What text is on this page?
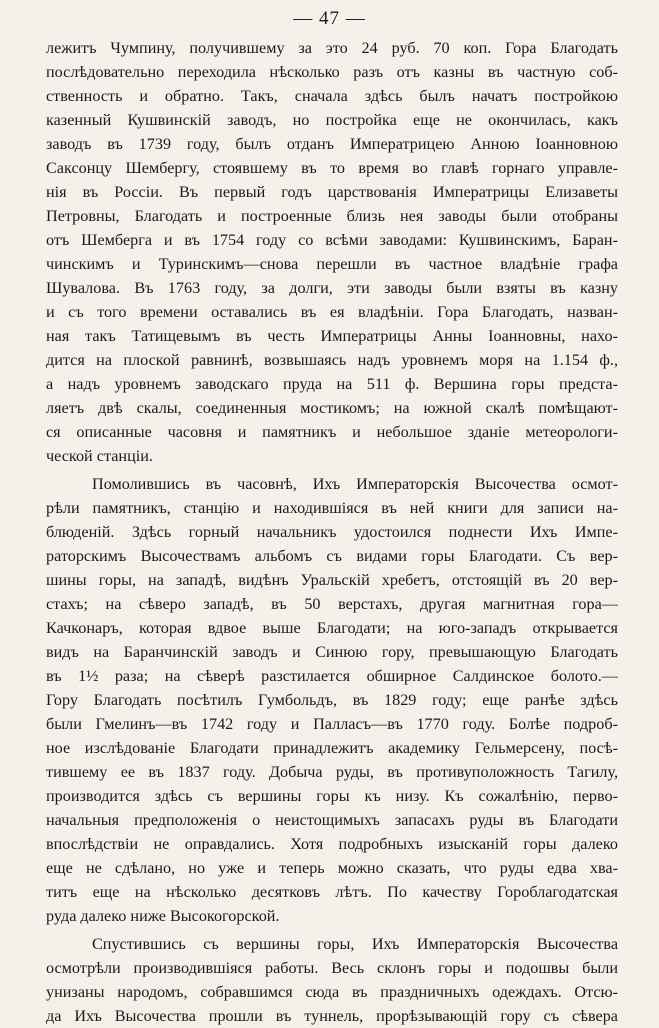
— 47 —
лежитъ Чумпину, получившему за это 24 руб. 70 коп. Гора Благодать
послѣдовательно переходила нѣсколько разъ отъ казны въ частную соб-
ственность и обратно. Такъ, сначала здѣсь былъ начатъ постройкою
казенный Кушвинскій заводъ, но постройка еще не окончилась, какъ
заводъ въ 1739 году, былъ отданъ Императрицею Анною Іоанновною
Саксонцу Шембергу, стоявшему въ то время во главѣ горнаго управле-
нія въ Россіи. Въ первый годъ царствованія Императрицы Елизаветы
Петровны, Благодать и построенные близь нея заводы были отобраны
отъ Шемберга и въ 1754 году со всѣми заводами: Кушвинскимъ, Баран-
чинскимъ и Туринскимъ—снова перешли въ частное владѣніе графа
Шувалова. Въ 1763 году, за долги, эти заводы были взяты въ казну
и съ того времени оставались въ ея владѣніи. Гора Благодать, назван-
ная такъ Татищевымъ въ честь Императрицы Анны Іоанновны, нахо-
дится на плоской равнинѣ, возвышаясь надъ уровнемъ моря на 1.154 ф.,
а надъ уровнемъ заводскаго пруда на 511 ф. Вершина горы предста-
ляетъ двѣ скалы, соединенныя мостикомъ; на южной скалѣ помѣщают-
ся описанные часовня и памятникъ и небольшое зданіе метеорологи-
ческой станціи.
Помолившись въ часовнѣ, Ихъ Императорскія Высочества осмот-
рѣли памятникъ, станцію и находившіяся въ ней книги для записи на-
блюденій. Здѣсь горный начальникъ удостоился поднести Ихъ Импе-
раторскимъ Высочествамъ альбомъ съ видами горы Благодати. Съ вер-
шины горы, на западѣ, видѣнъ Уральскій хребетъ, отстоящій въ 20 вер-
стахъ; на сѣверо западѣ, въ 50 верстахъ, другая магнитная гора—
Качконаръ, которая вдвое выше Благодати; на юго-западъ открывается
видъ на Баранчинскій заводъ и Синюю гору, превышающую Благодать
въ 1½ раза; на сѣверѣ разстилается обширное Салдинское болото.—
Гору Благодать посѣтилъ Гумбольдъ, въ 1829 году; еще ранѣе здѣсь
были Гмелинъ—въ 1742 году и Палласъ—въ 1770 году. Болѣе подроб-
ное изслѣдованіе Благодати принадлежитъ академику Гельмерсену, посѣ-
тившему ее въ 1837 году. Добыча руды, въ противуположность Тагилу,
производится здѣсь съ вершины горы къ низу. Къ сожалѣнію, перво-
начальныя предположенія о неистощимыхъ запасахъ руды въ Благодати
впослѣдствіи не оправдались. Хотя подробныхъ изысканій горы далеко
еще не сдѣлано, но уже и теперь можно сказать, что руды едва хва-
титъ еще на нѣсколько десятковъ лѣтъ. По качеству Гороблагодатская
руда далеко ниже Высокогорской.
Спустившись съ вершины горы, Ихъ Императорскія Высочества
осмотрѣли производившіяся работы. Весь склонъ горы и подошвы были
унизаны народомъ, собравшимся сюда въ праздничныхъ одеждахъ. Отсю-
да Ихъ Высочества прошли въ туннель, прорѣзывающій гору съ сѣвера
